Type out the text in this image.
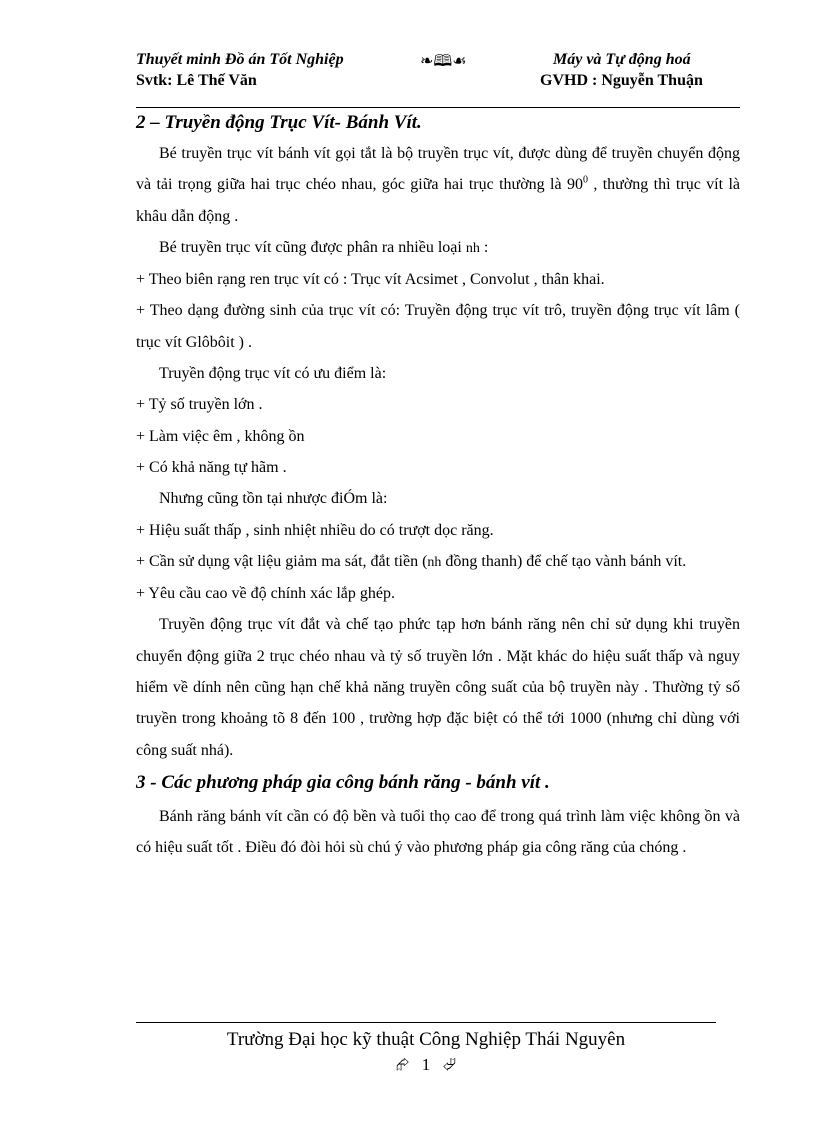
Thuyết minh Đồ án Tốt Nghiệp	❧🕮☙	Máy và Tự động hoá
Svtk: Lê Thế Văn	GVHD : Nguyễn Thuận
2 – Truyền động Trục Vít- Bánh Vít.

Bé truyền trục vít bánh vít gọi tắt là bộ truyền trục vít, được dùng để truyền chuyển động và tải trọng giữa hai trục chéo nhau, góc giữa hai trục thường là $90^0$ , thường thì trục vít là khâu dẫn động .

Bé truyền trục vít cũng được phân ra nhiều loại nh :

+ Theo biên rạng ren trục vít có : Trục vít Acsimet , Convolut , thân khai.

+ Theo dạng đường sinh của trục vít có: Truyền động trục vít trô, truyền động trục vít lâm ( trục vít Glôbôit ) .

Truyền động trục vít có ưu điểm là:

+ Tỷ số truyền lớn .

+ Làm việc êm , không ồn

+ Có khả năng tự hãm .

Nhưng cũng tồn tại nhược điÓm là:

+ Hiệu suất thấp , sinh nhiệt nhiều do có trượt dọc răng.

+ Cần sử dụng vật liệu giảm ma sát, đắt tiền (nh đồng thanh) để chế tạo vành bánh vít.

+ Yêu cầu cao về độ chính xác lắp ghép.

Truyền động trục vít đắt và chế tạo phức tạp hơn bánh răng nên chỉ sử dụng khi truyền chuyển động giữa 2 trục chéo nhau và tỷ số truyền lớn . Mặt khác do hiệu suất thấp và nguy hiểm về dính nên cũng hạn chế khả năng truyền công suất của bộ truyền này . Thường tỷ số truyền trong khoảng tõ 8 đến 100 , trường hợp đặc biệt có thể tới 1000 (nhưng chỉ dùng với công suất nhá).

3 - Các phương pháp gia công bánh răng - bánh vít .

Bánh răng bánh vít cần có độ bền và tuổi thọ cao để trong quá trình làm việc không ồn và có hiệu suất tốt . Điều đó đòi hỏi sù chú ý vào phương pháp gia công răng của chóng .

Trường Đại học kỹ thuật Công Nghiệp Thái Nguyên
⮳ 1 ⮰
